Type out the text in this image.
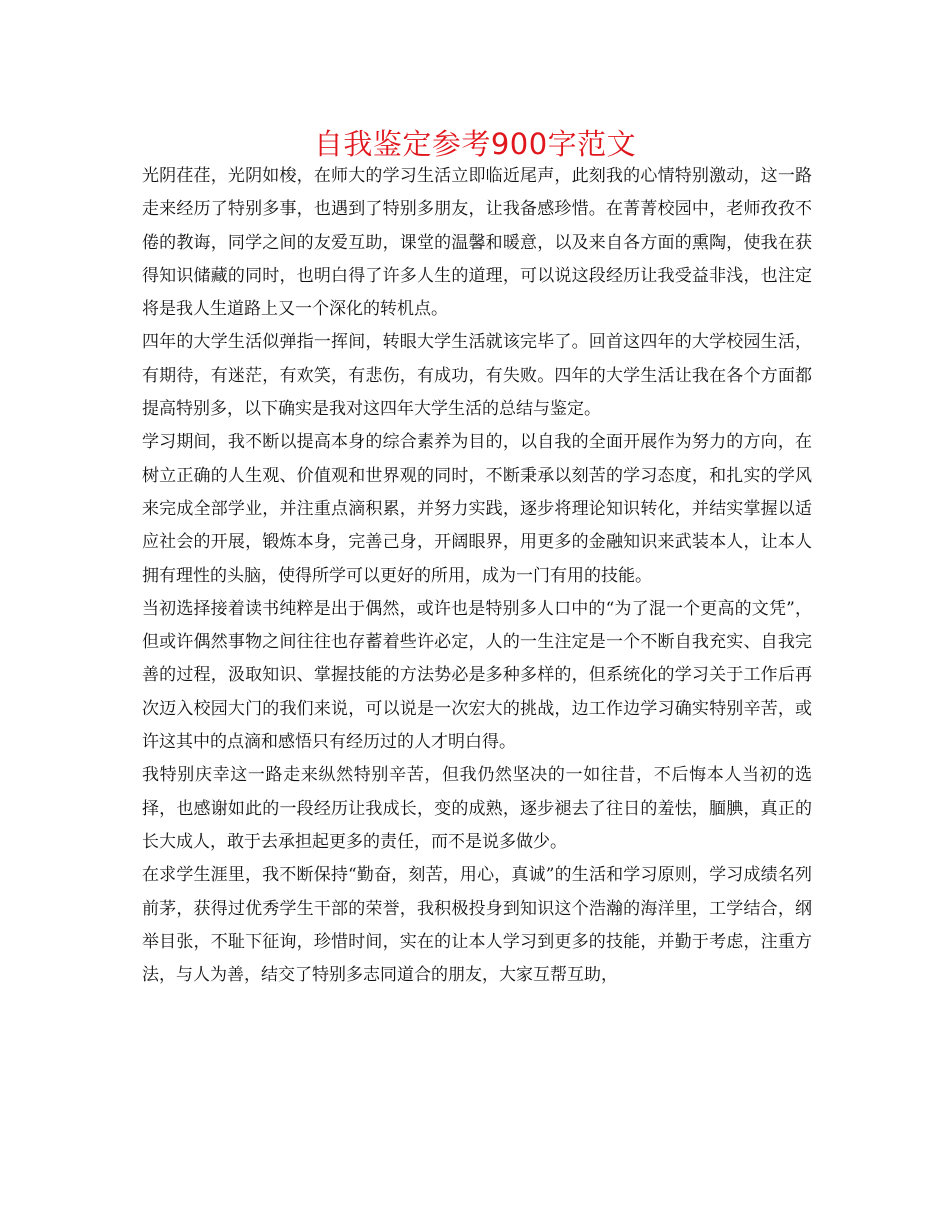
自我鉴定参考900字范文

光阴荏荏，光阴如梭，在师大的学习生活立即临近尾声，此刻我的心情特别激动，这一路走来经历了特别多事，也遇到了特别多朋友，让我备感珍惜。在菁菁校园中，老师孜孜不倦的教诲，同学之间的友爱互助，课堂的温馨和暖意，以及来自各方面的熏陶，使我在获得知识储藏的同时，也明白得了许多人生的道理，可以说这段经历让我受益非浅，也注定将是我人生道路上又一个深化的转机点。

四年的大学生活似弹指一挥间，转眼大学生活就该完毕了。回首这四年的大学校园生活，有期待，有迷茫，有欢笑，有悲伤，有成功，有失败。四年的大学生活让我在各个方面都提高特别多，以下确实是我对这四年大学生活的总结与鉴定。

学习期间，我不断以提高本身的综合素养为目的，以自我的全面开展作为努力的方向，在树立正确的人生观、价值观和世界观的同时，不断秉承以刻苦的学习态度，和扎实的学风来完成全部学业，并注重点滴积累，并努力实践，逐步将理论知识转化，并结实掌握以适应社会的开展，锻炼本身，完善己身，开阔眼界，用更多的金融知识来武装本人，让本人拥有理性的头脑，使得所学可以更好的所用，成为一门有用的技能。

当初选择接着读书纯粹是出于偶然，或许也是特别多人口中的“为了混一个更高的文凭”，但或许偶然事物之间往往也存蓄着些许必定，人的一生注定是一个不断自我充实、自我完善的过程，汲取知识、掌握技能的方法势必是多种多样的，但系统化的学习关于工作后再次迈入校园大门的我们来说，可以说是一次宏大的挑战，边工作边学习确实特别辛苦，或许这其中的点滴和感悟只有经历过的人才明白得。

我特别庆幸这一路走来纵然特别辛苦，但我仍然坚决的一如往昔，不后悔本人当初的选择，也感谢如此的一段经历让我成长，变的成熟，逐步褪去了往日的羞怯，腼腆，真正的长大成人，敢于去承担起更多的责任，而不是说多做少。

在求学生涯里，我不断保持“勤奋，刻苦，用心，真诚”的生活和学习原则，学习成绩名列前茅，获得过优秀学生干部的荣誉，我积极投身到知识这个浩瀚的海洋里，工学结合，纲举目张，不耻下征询，珍惜时间，实在的让本人学习到更多的技能，并勤于考虑，注重方法，与人为善，结交了特别多志同道合的朋友，大家互帮互助，
